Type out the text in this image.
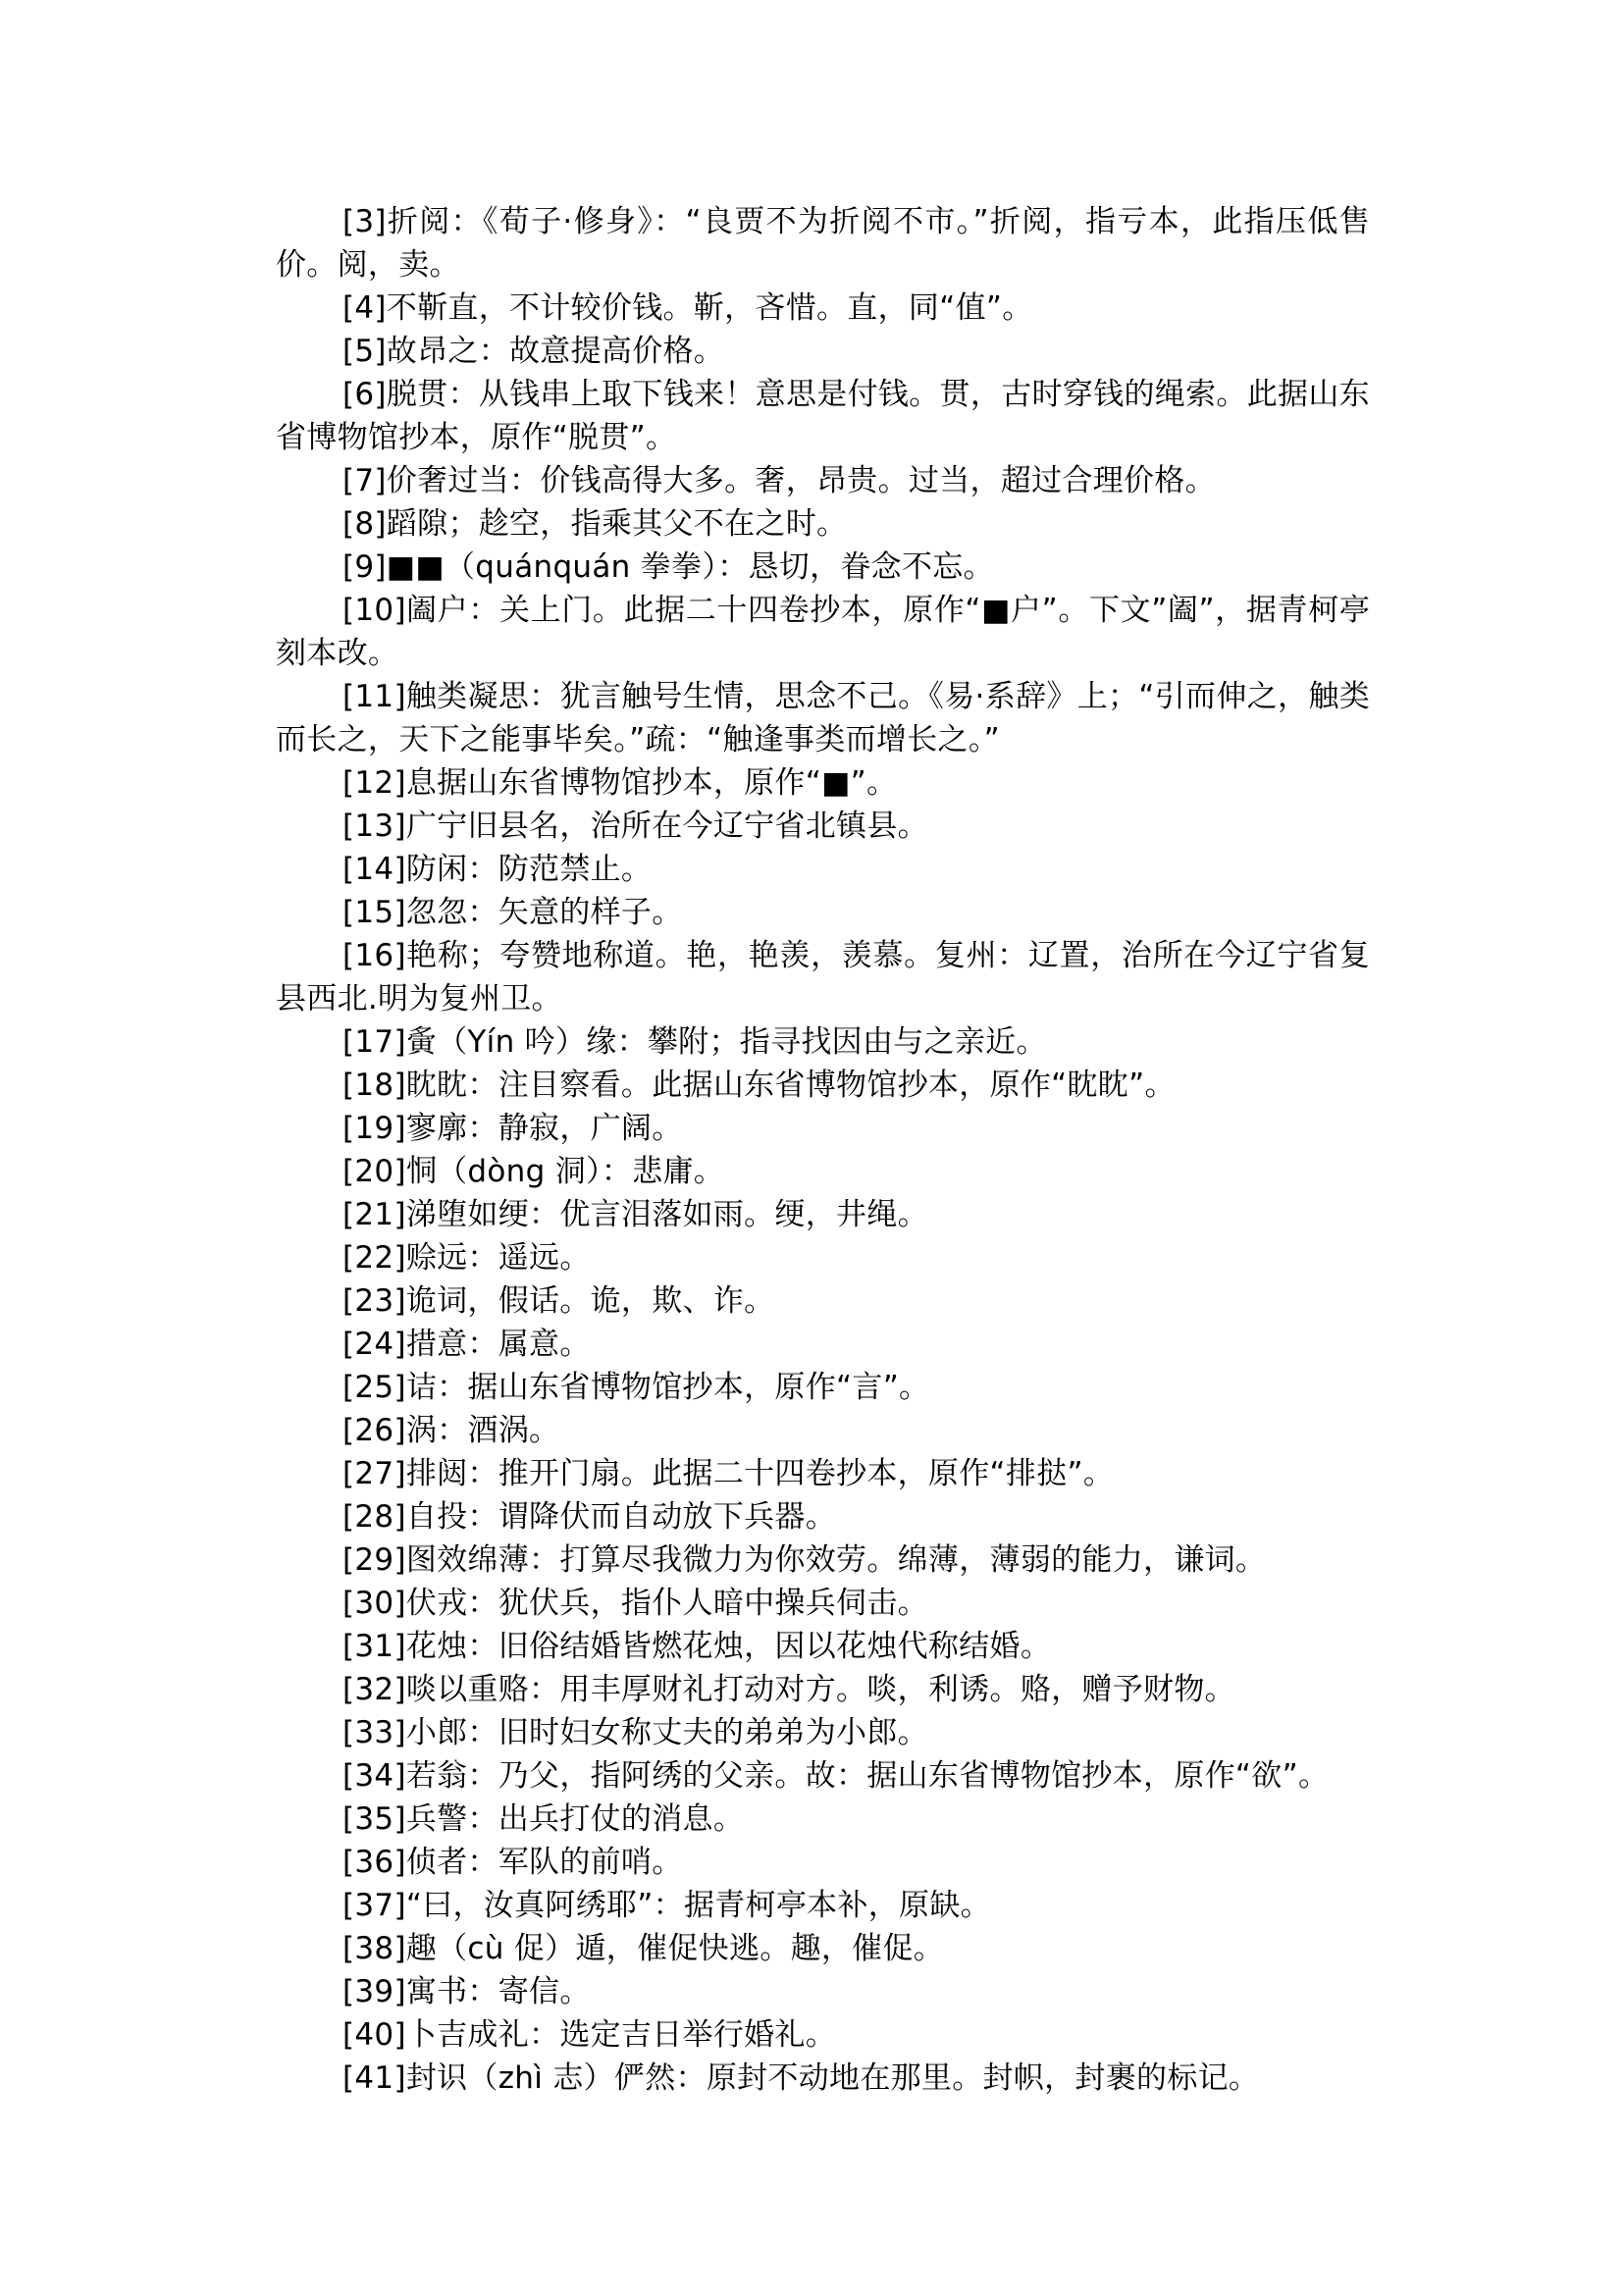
[3]折阅：《荀子·修身》：“良贾不为折阅不市。”折阅，指亏本，此指压低售价。阅，卖。

[4]不靳直，不计较价钱。靳，吝惜。直，同“值”。

[5]故昂之：故意提高价格。

[6]脱贯：从钱串上取下钱来！意思是付钱。贯，古时穿钱的绳索。此据山东省博物馆抄本，原作“脱贯”。

[7]价奢过当：价钱高得大多。奢，昂贵。过当，超过合理价格。

[8]蹈隙；趁空，指乘其父不在之时。

[9]■■（quánquán 拳拳）：恳切，眷念不忘。

[10]阖户：关上门。此据二十四卷抄本，原作“■户”。下文”阖”，据青柯亭刻本改。

[11]触类凝思：犹言触号生情，思念不己。《易·系辞》上；“引而伸之，触类而长之，天下之能事毕矣。”疏：“触逢事类而增长之。”

[12]息据山东省博物馆抄本，原作“■”。

[13]广宁旧县名，治所在今辽宁省北镇县。

[14]防闲：防范禁止。

[15]忽忽：矢意的样子。

[16]艳称；夸赞地称道。艳，艳羡，羡慕。复州：辽置，治所在今辽宁省复县西北.明为复州卫。

[17]夤（Yín 吟）缘：攀附；指寻找因由与之亲近。

[18]眈眈：注目察看。此据山东省博物馆抄本，原作“眈眈”。

[19]寥廓：静寂，广阔。

[20]恫（dòng 洞）：悲庸。

[21]涕堕如绠：优言泪落如雨。绠，井绳。

[22]赊远：遥远。

[23]诡词，假话。诡，欺、诈。

[24]措意：属意。

[25]诘：据山东省博物馆抄本，原作“言”。

[26]涡：酒涡。

[27]排闼：推开门扇。此据二十四卷抄本，原作“排挞”。

[28]自投：谓降伏而自动放下兵器。

[29]图效绵薄：打算尽我微力为你效劳。绵薄，薄弱的能力，谦词。

[30]伏戎：犹伏兵，指仆人暗中操兵伺击。

[31]花烛：旧俗结婚皆燃花烛，因以花烛代称结婚。

[32]啖以重赂：用丰厚财礼打动对方。啖，利诱。赂，赠予财物。

[33]小郎：旧时妇女称丈夫的弟弟为小郎。

[34]若翁：乃父，指阿绣的父亲。故：据山东省博物馆抄本，原作“欲”。

[35]兵警：出兵打仗的消息。

[36]侦者：军队的前哨。

[37]“曰，汝真阿绣耶”：据青柯亭本补，原缺。

[38]趣（cù 促）遁，催促快逃。趣，催促。

[39]寓书：寄信。

[40]卜吉成礼：选定吉日举行婚礼。

[41]封识（zhì 志）俨然：原封不动地在那里。封帜，封裹的标记。
